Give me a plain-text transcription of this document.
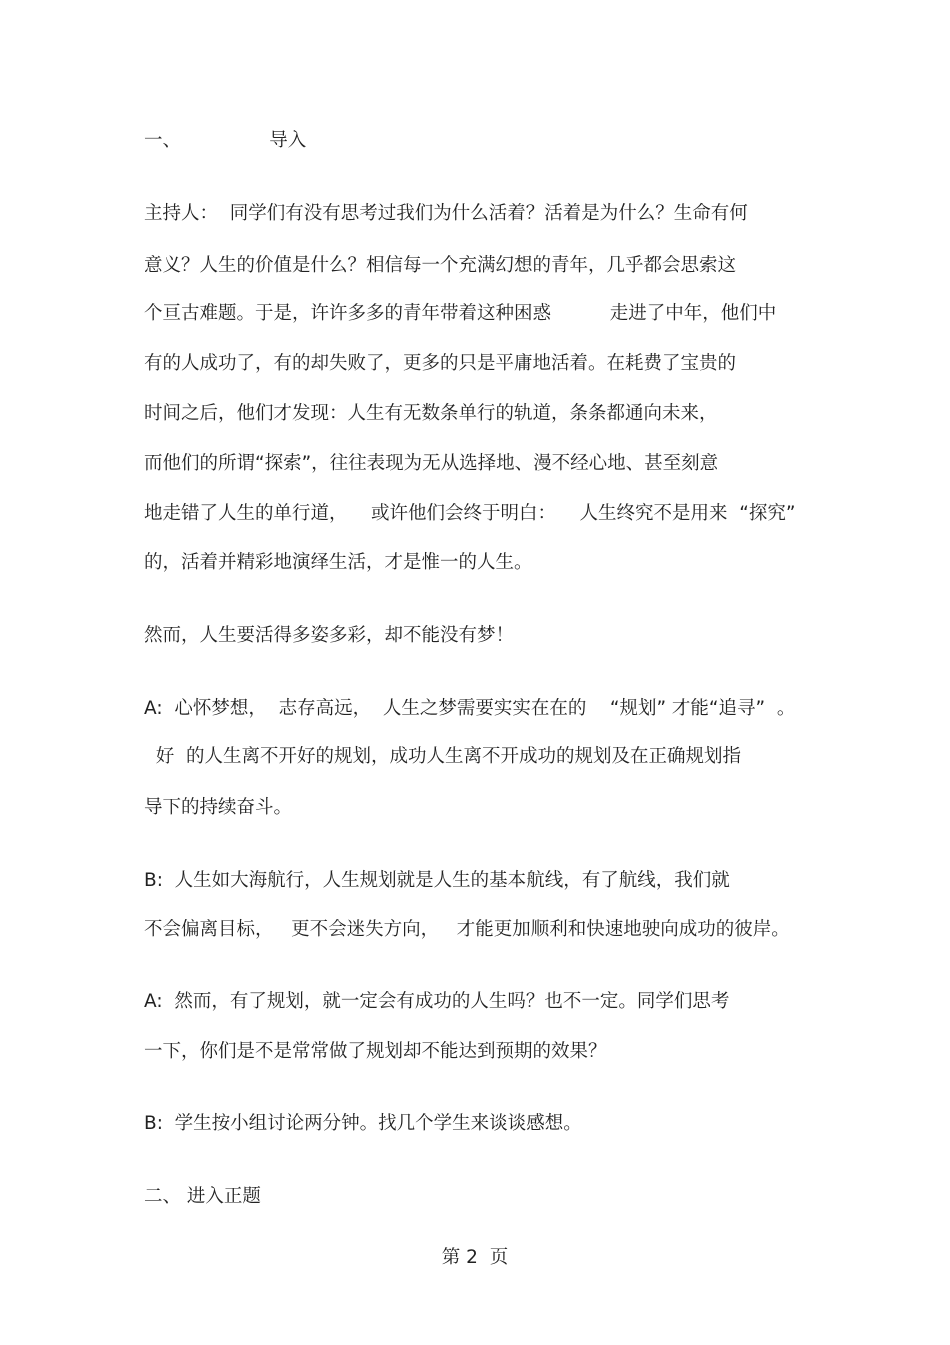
一、               导入

主持人：  同学们有没有思考过我们为什么活着？活着是为什么？生命有何

意义？人生的价值是什么？相信每一个充满幻想的青年，几乎都会思索这

个亘古难题。于是，许许多多的青年带着这种困惑          走进了中年，他们中

有的人成功了，有的却失败了，更多的只是平庸地活着。在耗费了宝贵的

时间之后，他们才发现：人生有无数条单行的轨道，条条都通向未来，

而他们的所谓“探索”，往往表现为无从选择地、漫不经心地、甚至刻意

地走错了人生的单行道，    或许他们会终于明白：    人生终究不是用来  “探究”

的，活着并精彩地演绎生活，才是惟一的人生。

然而，人生要活得多姿多彩，却不能没有梦！

A:  心怀梦想，  志存高远，  人生之梦需要实实在在的    “规划” 才能“追寻”  。

好  的人生离不开好的规划，成功人生离不开成功的规划及在正确规划指

导下的持续奋斗。

B:  人生如大海航行，人生规划就是人生的基本航线，有了航线，我们就

不会偏离目标，   更不会迷失方向，   才能更加顺利和快速地驶向成功的彼岸。

A:  然而，有了规划，就一定会有成功的人生吗？也不一定。同学们思考

一下，你们是不是常常做了规划却不能达到预期的效果？

B:  学生按小组讨论两分钟。找几个学生来谈谈感想。

二、 进入正题

第 2  页
